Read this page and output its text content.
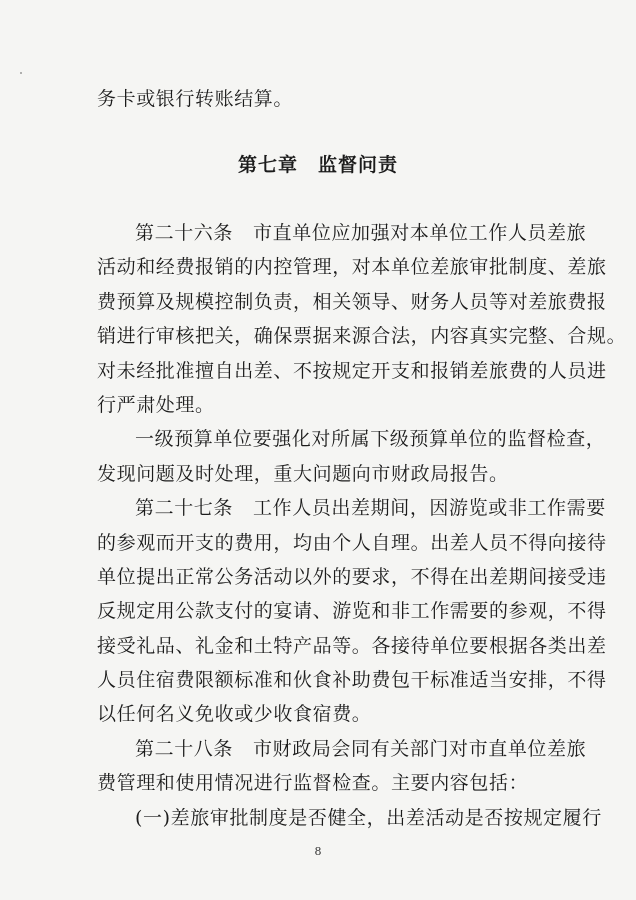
务卡或银行转账结算。
第七章 监督问责
第二十六条 市直单位应加强对本单位工作人员差旅
活动和经费报销的内控管理，对本单位差旅审批制度、差旅
费预算及规模控制负责，相关领导、财务人员等对差旅费报
销进行审核把关，确保票据来源合法，内容真实完整、合规。
对未经批准擅自出差、不按规定开支和报销差旅费的人员进
行严肃处理。
一级预算单位要强化对所属下级预算单位的监督检查，
发现问题及时处理，重大问题向市财政局报告。
第二十七条 工作人员出差期间，因游览或非工作需要
的参观而开支的费用，均由个人自理。出差人员不得向接待
单位提出正常公务活动以外的要求，不得在出差期间接受违
反规定用公款支付的宴请、游览和非工作需要的参观，不得
接受礼品、礼金和土特产品等。各接待单位要根据各类出差
人员住宿费限额标准和伙食补助费包干标准适当安排，不得
以任何名义免收或少收食宿费。
第二十八条 市财政局会同有关部门对市直单位差旅
费管理和使用情况进行监督检查。主要内容包括：
(一)差旅审批制度是否健全，出差活动是否按规定履行
8
